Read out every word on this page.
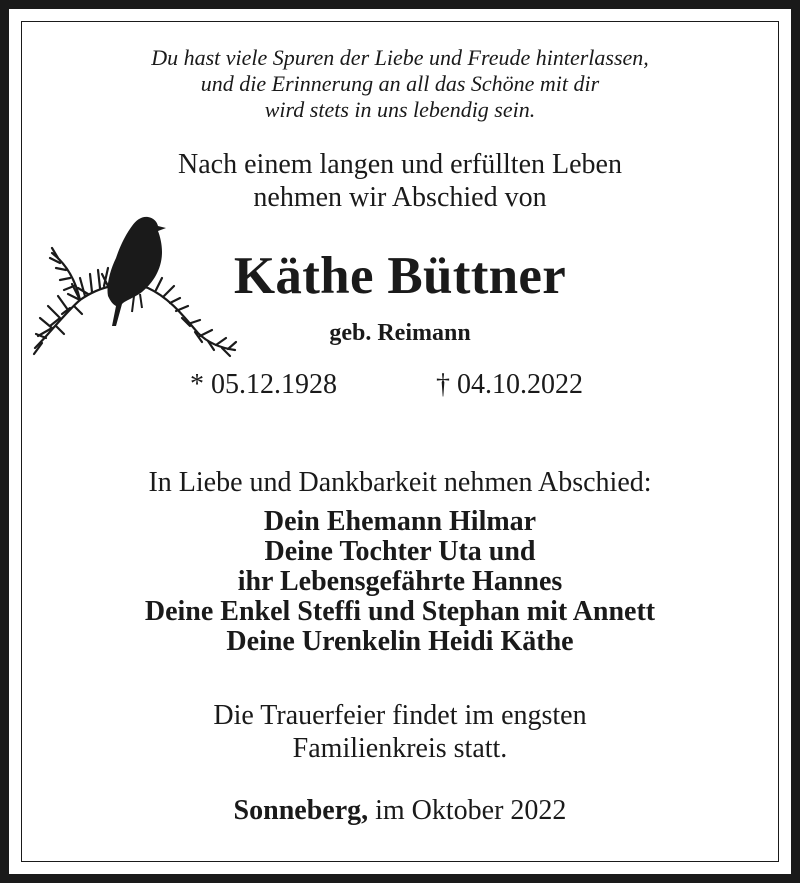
Du hast viele Spuren der Liebe und Freude hinterlassen,
und die Erinnerung an all das Schöne mit dir
wird stets in uns lebendig sein.
Nach einem langen und erfüllten Leben
nehmen wir Abschied von
Käthe Büttner
geb. Reimann
* 05.12.1928	† 04.10.2022
In Liebe und Dankbarkeit nehmen Abschied:
Dein Ehemann Hilmar
Deine Tochter Uta und
ihr Lebensgefährte Hannes
Deine Enkel Steffi und Stephan mit Annett
Deine Urenkelin Heidi Käthe
Die Trauerfeier findet im engsten
Familienkreis statt.
Sonneberg, im Oktober 2022
